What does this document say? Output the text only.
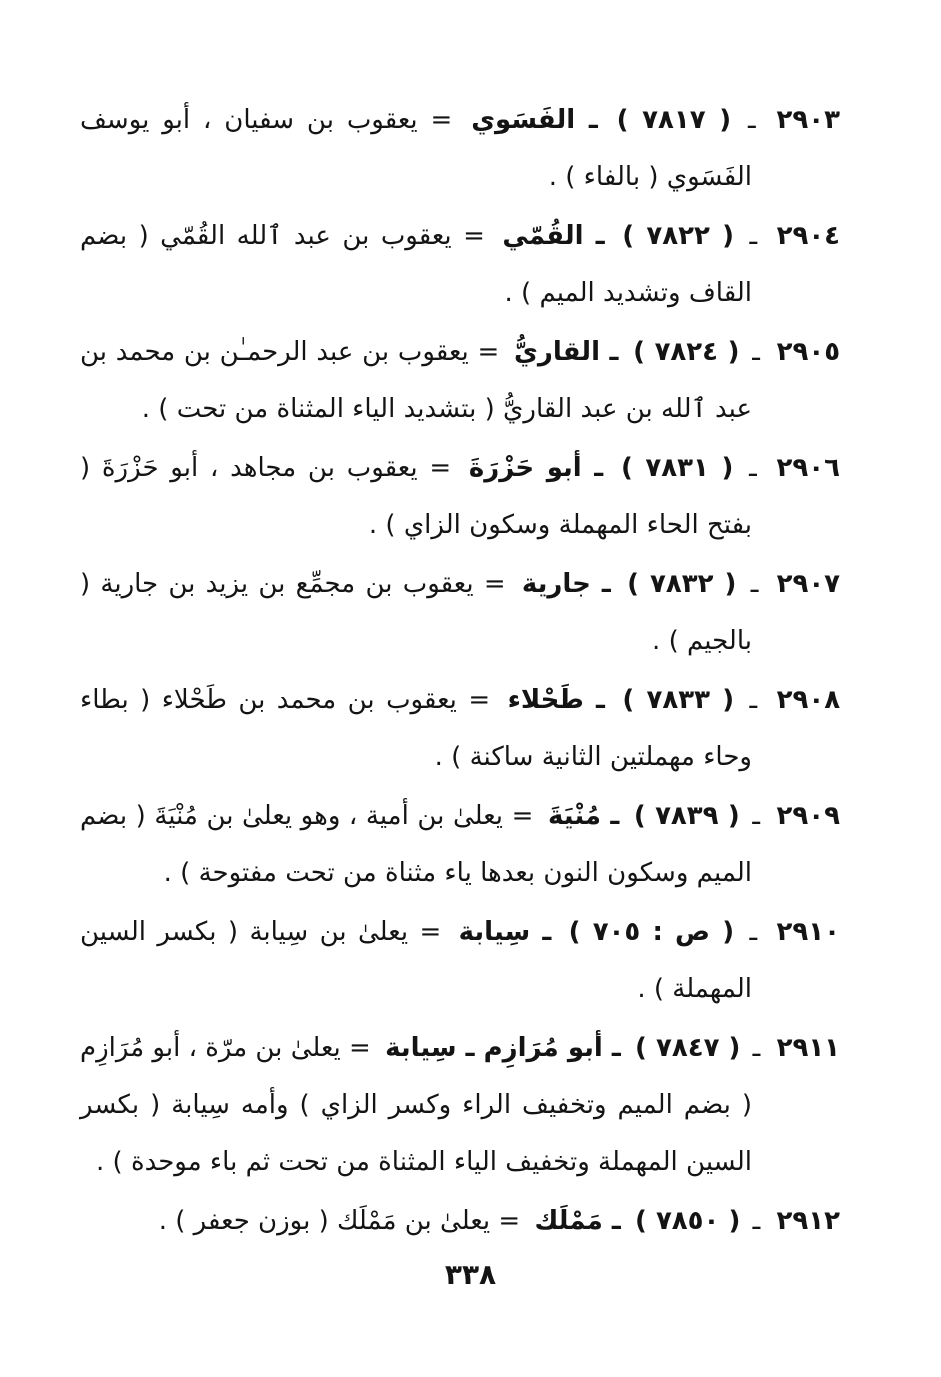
٢٩٠٣ ـ ( ٧٨١٧ ) ـ الفَسَوي = يعقوب بن سفيان ، أبو يوسف الفَسَوي ( بالفاء ) .

٢٩٠٤ ـ ( ٧٨٢٢ ) ـ القُمّي = يعقوب بن عبد ٱلله القُمّي ( بضم القاف وتشديد الميم ) .

٢٩٠٥ ـ ( ٧٨٢٤ ) ـ القاريُّ = يعقوب بن عبد الرحمـٰن بن محمد بن عبد ٱلله بن عبد القاريُّ ( بتشديد الياء المثناة من تحت ) .

٢٩٠٦ ـ ( ٧٨٣١ ) ـ أبو حَزْرَةَ = يعقوب بن مجاهد ، أبو حَزْرَةَ ( بفتح الحاء المهملة وسكون الزاي ) .

٢٩٠٧ ـ ( ٧٨٣٢ ) ـ جارية = يعقوب بن مجمِّع بن يزيد بن جارية ( بالجيم ) .

٢٩٠٨ ـ ( ٧٨٣٣ ) ـ طَحْلاء = يعقوب بن محمد بن طَحْلاء ( بطاء وحاء مهملتين الثانية ساكنة ) .

٢٩٠٩ ـ ( ٧٨٣٩ ) ـ مُنْيَةَ = يعلىٰ بن أمية ، وهو يعلىٰ بن مُنْيَةَ ( بضم الميم وسكون النون بعدها ياء مثناة من تحت مفتوحة ) .

٢٩١٠ ـ ( ص : ٧٠٥ ) ـ سِيابة = يعلىٰ بن سِيابة ( بكسر السين المهملة ) .

٢٩١١ ـ ( ٧٨٤٧ ) ـ أبو مُرَازِم ـ سِيابة = يعلىٰ بن مرّة ، أبو مُرَازِم ( بضم الميم وتخفيف الراء وكسر الزاي ) وأمه سِيابة ( بكسر السين المهملة وتخفيف الياء المثناة من تحت ثم باء موحدة ) .

٢٩١٢ ـ ( ٧٨٥٠ ) ـ مَمْلَك = يعلىٰ بن مَمْلَك ( بوزن جعفر ) .

٣٣٨
